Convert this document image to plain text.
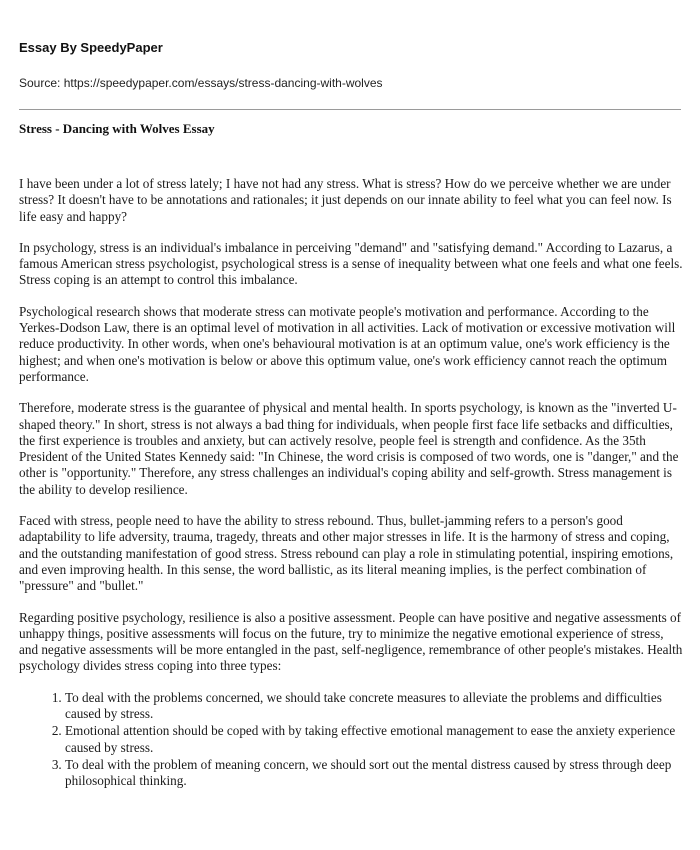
Essay By SpeedyPaper

Source: https://speedypaper.com/essays/stress-dancing-with-wolves

Stress - Dancing with Wolves Essay

I have been under a lot of stress lately; I have not had any stress. What is stress? How do we perceive whether we are under stress? It doesn't have to be annotations and rationales; it just depends on our innate ability to feel what you can feel now. Is life easy and happy?

In psychology, stress is an individual's imbalance in perceiving "demand" and "satisfying demand." According to Lazarus, a famous American stress psychologist, psychological stress is a sense of inequality between what one feels and what one feels. Stress coping is an attempt to control this imbalance.

Psychological research shows that moderate stress can motivate people's motivation and performance. According to the Yerkes-Dodson Law, there is an optimal level of motivation in all activities. Lack of motivation or excessive motivation will reduce productivity. In other words, when one's behavioural motivation is at an optimum value, one's work efficiency is the highest; and when one's motivation is below or above this optimum value, one's work efficiency cannot reach the optimum performance.

Therefore, moderate stress is the guarantee of physical and mental health. In sports psychology, is known as the "inverted U-shaped theory." In short, stress is not always a bad thing for individuals, when people first face life setbacks and difficulties, the first experience is troubles and anxiety, but can actively resolve, people feel is strength and confidence. As the 35th President of the United States Kennedy said: "In Chinese, the word crisis is composed of two words, one is "danger," and the other is "opportunity." Therefore, any stress challenges an individual's coping ability and self-growth. Stress management is the ability to develop resilience.

Faced with stress, people need to have the ability to stress rebound. Thus, bullet-jamming refers to a person's good adaptability to life adversity, trauma, tragedy, threats and other major stresses in life. It is the harmony of stress and coping, and the outstanding manifestation of good stress. Stress rebound can play a role in stimulating potential, inspiring emotions, and even improving health. In this sense, the word ballistic, as its literal meaning implies, is the perfect combination of "pressure" and "bullet."

Regarding positive psychology, resilience is also a positive assessment. People can have positive and negative assessments of unhappy things, positive assessments will focus on the future, try to minimize the negative emotional experience of stress, and negative assessments will be more entangled in the past, self-negligence, remembrance of other people's mistakes. Health psychology divides stress coping into three types:

1. To deal with the problems concerned, we should take concrete measures to alleviate the problems and difficulties caused by stress.
2. Emotional attention should be coped with by taking effective emotional management to ease the anxiety experience caused by stress.
3. To deal with the problem of meaning concern, we should sort out the mental distress caused by stress through deep philosophical thinking.
